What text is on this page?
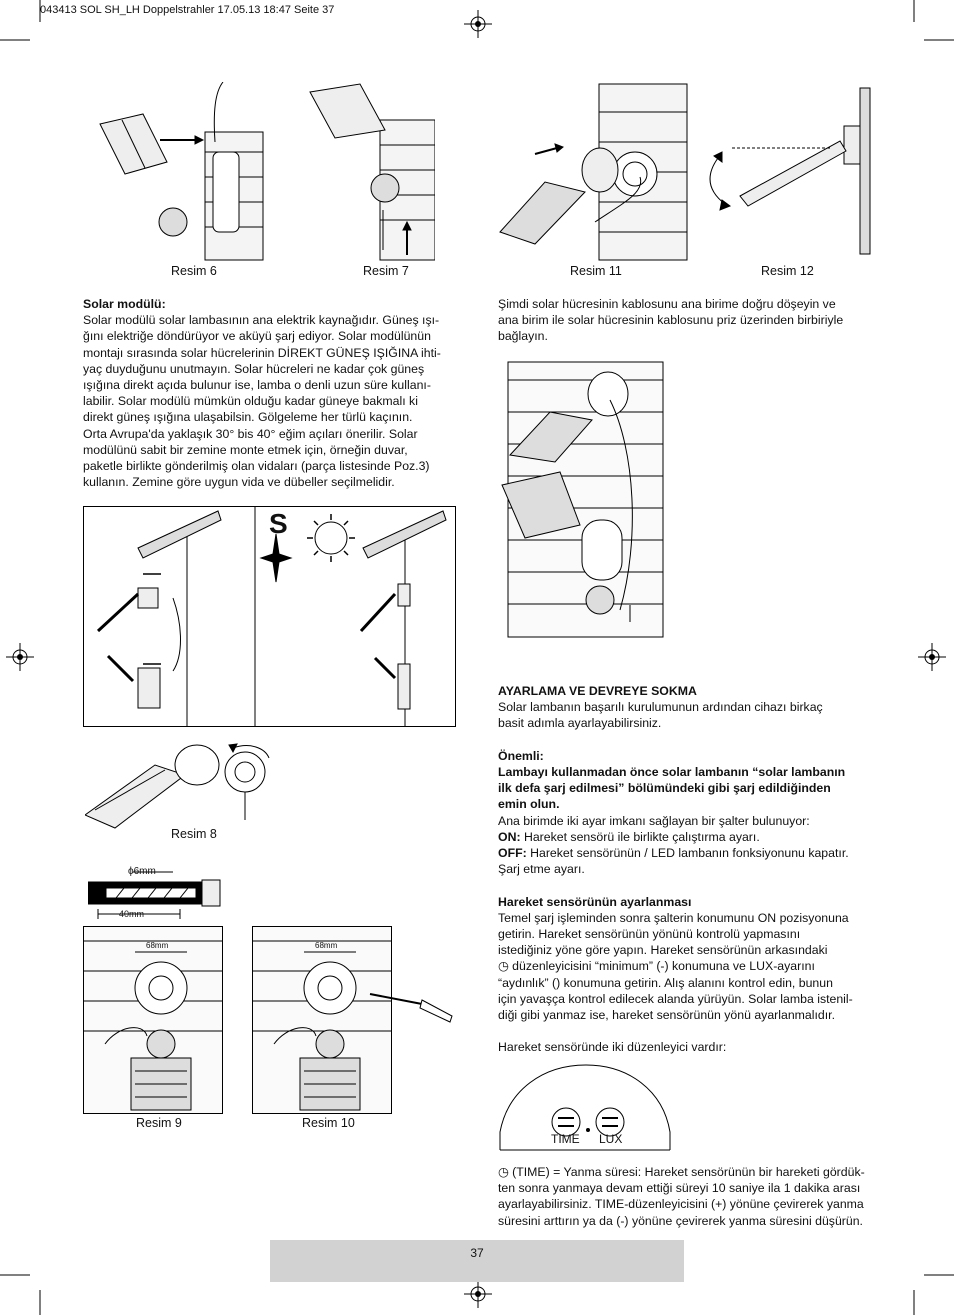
043413 SOL SH_LH Doppelstrahler 17.05.13 18:47 Seite 37
Resim 6	Resim 7	Resim 11	Resim 12

Solar modülü:

Solar modülü solar lambasının ana elektrik kaynağıdır. Güneş ışı-

ğını elektriğe döndürüyor ve aküyü şarj ediyor. Solar modülünün

montajı sırasında solar hücrelerinin DİREKT GÜNEŞ IŞIĞINA ihti-

yaç duyduğunu unutmayın. Solar hücreleri ne kadar çok güneş

ışığına direkt açıda bulunur ise, lamba o denli uzun süre kullanı-

labilir. Solar modülü mümkün olduğu kadar güneye bakmalı ki

direkt güneş ışığına ulaşabilsin. Gölgeleme her türlü kaçının.

Orta Avrupa'da yaklaşık 30° bis 40° eğim açıları önerilir. Solar

modülünü sabit bir zemine monte etmek için, örneğin duvar,

paketle birlikte gönderilmiş olan vidaları (parça listesinde Poz.3)

kullanın. Zemine göre uygun vida ve dübeller seçilmelidir.

S
Resim 8
ϕ6mm
40mm
68mm
Resim 9
68mm
Resim 10

Şimdi solar hücresinin kablosunu ana birime doğru döşeyin ve

ana birim ile solar hücresinin kablosunu priz üzerinden birbiriyle

bağlayın.

AYARLAMA VE DEVREYE SOKMA

Solar lambanın başarılı kurulumunun ardından cihazı birkaç

basit adımla ayarlayabilirsiniz.

Önemli:

Lambayı kullanmadan önce solar lambanın “solar lambanın

ilk defa şarj edilmesi” bölümündeki gibi şarj edildiğinden

emin olun.

Ana birimde iki ayar imkanı sağlayan bir şalter bulunuyor:

ON: Hareket sensörü ile birlikte çalıştırma ayarı.

OFF: Hareket sensörünün / LED lambanın fonksiyonunu kapatır.

Şarj etme ayarı.

Hareket sensörünün ayarlanması

Temel şarj işleminden sonra şalterin konumunu ON pozisyonuna

getirin. Hareket sensörünün yönünü kontrolü yapmasını

istediğiniz yöne göre yapın. Hareket sensörünün arkasındaki

◷ düzenleyicisini “minimum” (-) konumuna ve LUX-ayarını

“aydınlık” () konumuna getirin. Alış alanını kontrol edin, bunun

için yavaşça kontrol edilecek alanda yürüyün. Solar lamba istenil-

diği gibi yanmaz ise, hareket sensörünün yönü ayarlanmalıdır.

Hareket sensöründe iki düzenleyici vardır:

TIME LUX

◷ (TIME) = Yanma süresi: Hareket sensörünün bir hareketi gördük-

ten sonra yanmaya devam ettiği süreyi 10 saniye ila 1 dakika arası

ayarlayabilirsiniz. TIME-düzenleyicisini (+) yönüne çevirerek yanma

süresini arttırın ya da (-) yönüne çevirerek yanma süresini düşürün.

37
